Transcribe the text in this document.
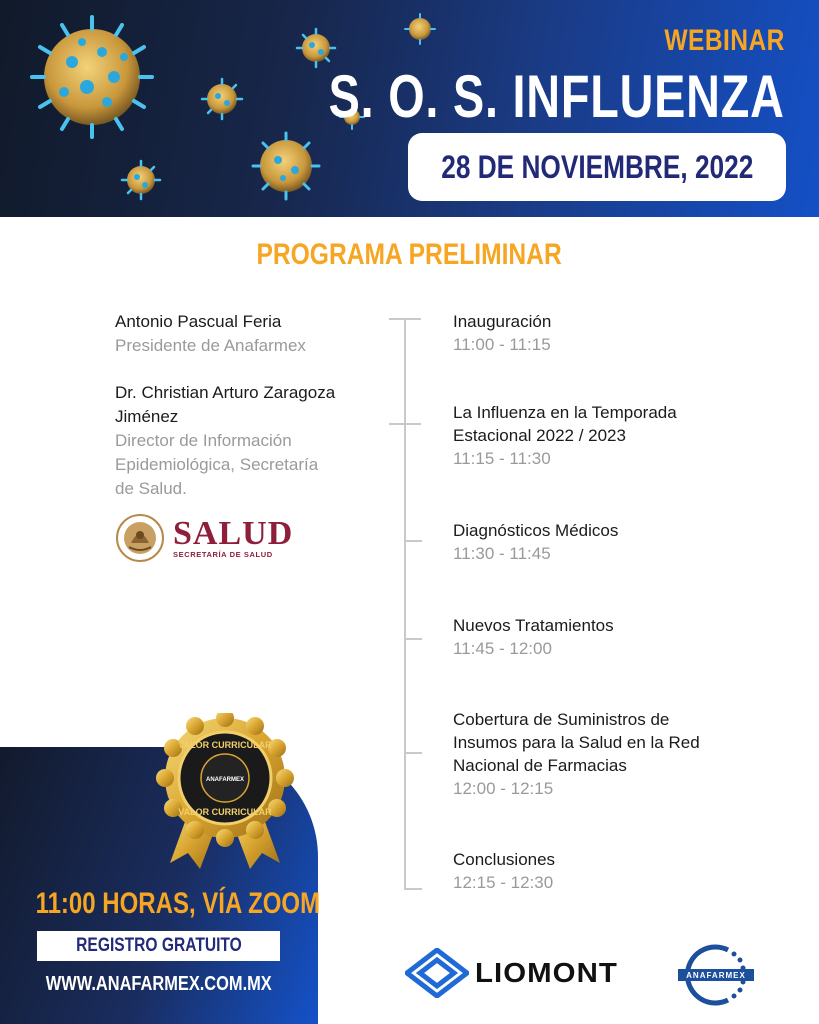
WEBINAR
S. O. S. INFLUENZA
28 DE NOVIEMBRE, 2022
PROGRAMA PRELIMINAR
Antonio Pascual Feria
Presidente de Anafarmex
Dr. Christian Arturo Zaragoza Jiménez
Director de Información Epidemiológica, Secretaría de Salud.
SALUD
SECRETARÍA DE SALUD
Inauguración
11:00 - 11:15
La Influenza en la Temporada Estacional 2022 / 2023
11:15 - 11:30
Diagnósticos Médicos
11:30 - 11:45
Nuevos Tratamientos
11:45 - 12:00
Cobertura de Suministros de Insumos para la Salud en la Red Nacional de Farmacias
12:00 - 12:15
Conclusiones
12:15 - 12:30
VALOR CURRICULAR
VALOR CURRICULAR
ANAFARMEX
11:00 HORAS, VÍA ZOOM
REGISTRO GRATUITO
WWW.ANAFARMEX.COM.MX	LIOMONT	ANAFARMEX
